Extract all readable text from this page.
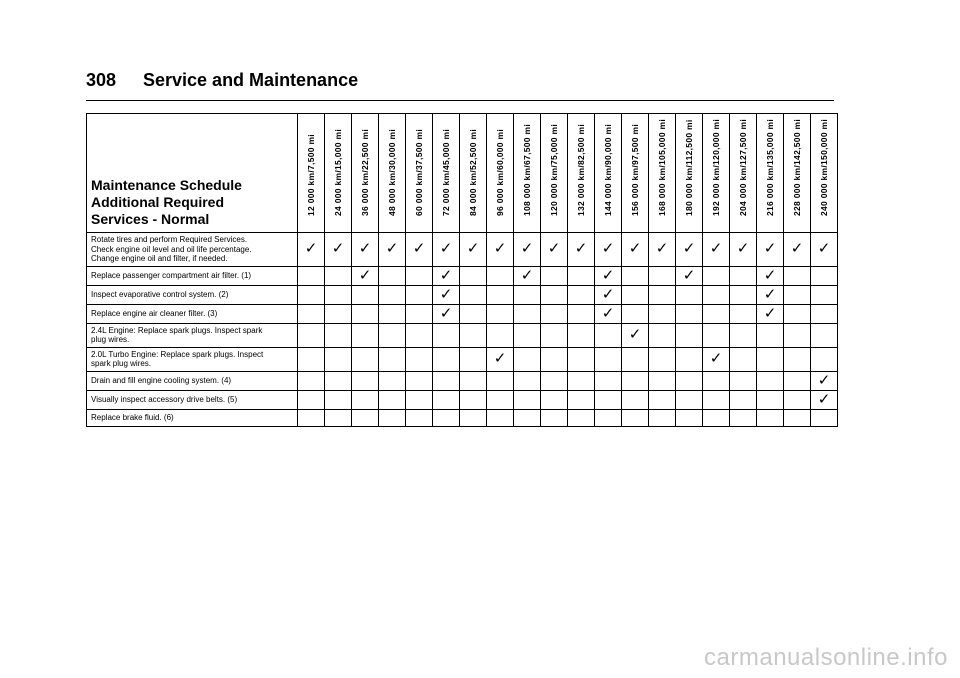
308 Service and Maintenance
Maintenance Schedule
Additional Required
Services - Normal	12 000 km/7,500 mi	24 000 km/15,000 mi	36 000 km/22,500 mi	48 000 km/30,000 mi	60 000 km/37,500 mi	72 000 km/45,000 mi	84 000 km/52,500 mi	96 000 km/60,000 mi	108 000 km/67,500 mi	120 000 km/75,000 mi	132 000 km/82,500 mi	144 000 km/90,000 mi	156 000 km/97,500 mi	168 000 km/105,000 mi	180 000 km/112,500 mi	192 000 km/120,000 mi	204 000 km/127,500 mi	216 000 km/135,000 mi	228 000 km/142,500 mi	240 000 km/150,000 mi

Rotate tires and perform Required Services.
Check engine oil level and oil life percentage.
Change engine oil and filter, if needed.	✓	✓	✓	✓	✓	✓	✓	✓	✓	✓	✓	✓	✓	✓	✓	✓	✓	✓	✓	✓

Replace passenger compartment air filter. (1)			✓			✓			✓			✓			✓			✓		

Inspect evaporative control system. (2)						✓						✓						✓		

Replace engine air cleaner filter. (3)						✓						✓						✓		

2.4L Engine: Replace spark plugs. Inspect spark
plug wires.													✓							

2.0L Turbo Engine: Replace spark plugs. Inspect
spark plug wires.								✓								✓				

Drain and fill engine cooling system. (4)																				✓

Visually inspect accessory drive belts. (5)																				✓

Replace brake fluid. (6)																				

carmanualsonline.info
